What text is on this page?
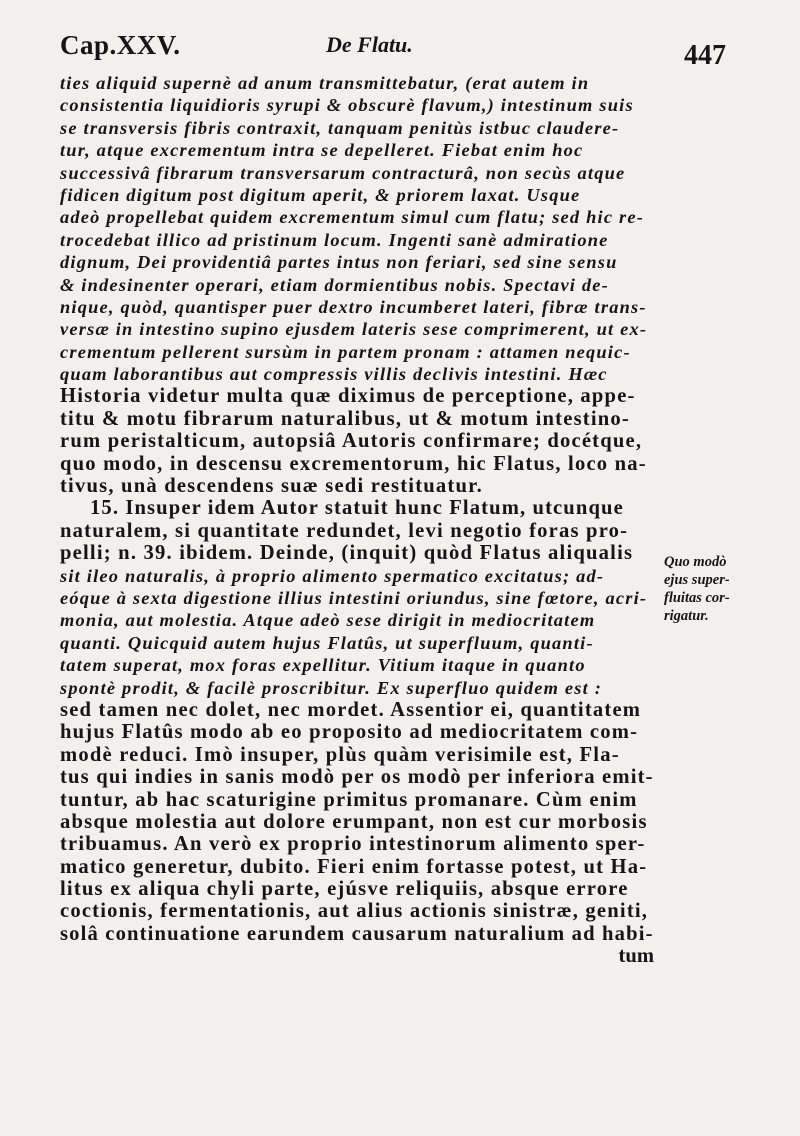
Cap.XXV.	De Flatu.	447
ties aliquid supernè ad anum transmittebatur, (erat autem in
consistentia liquidioris syrupi & obscurè flavum,) intestinum suis
se transversis fibris contraxit, tanquam penitùs istbuc claudere-
tur, atque excrementum intra se depelleret. Fiebat enim hoc
successivâ fibrarum transversarum contracturâ, non secùs atque
fidicen digitum post digitum aperit, & priorem laxat. Usque
adeò propellebat quidem excrementum simul cum flatu; sed hic re-
trocedebat illico ad pristinum locum. Ingenti sanè admiratione
dignum, Dei providentiâ partes intus non feriari, sed sine sensu
& indesinenter operari, etiam dormientibus nobis. Spectavi de-
nique, quòd, quantisper puer dextro incumberet lateri, fibræ trans-
versæ in intestino supino ejusdem lateris sese comprimerent, ut ex-
crementum pellerent sursùm in partem pronam : attamen nequic-
quam laborantibus aut compressis villis declivis intestini. Hæc
Historia videtur multa quæ diximus de perceptione, appe-
titu & motu fibrarum naturalibus, ut & motum intestino-
rum peristalticum, autopsiâ Autoris confirmare; docétque,
quo modo, in descensu excrementorum, hic Flatus, loco na-
tivus, unà descendens suæ sedi restituatur.
15. Insuper idem Autor statuit hunc Flatum, utcunque
naturalem, si quantitate redundet, levi negotio foras pro-
pelli; n. 39. ibidem. Deinde, (inquit) quòd Flatus aliqualis
sit ileo naturalis, à proprio alimento spermatico excitatus; ad-
eóque à sexta digestione illius intestini oriundus, sine fœtore, acri-
monia, aut molestia. Atque adeò sese dirigit in mediocritatem
quanti. Quicquid autem hujus Flatûs, ut superfluum, quanti-
tatem superat, mox foras expellitur. Vitium itaque in quanto
spontè prodit, & facilè proscribitur. Ex superfluo quidem est :
sed tamen nec dolet, nec mordet. Assentior ei, quantitatem
hujus Flatûs modo ab eo proposito ad mediocritatem com-
modè reduci. Imò insuper, plùs quàm verisimile est, Fla-
tus qui indies in sanis modò per os modò per inferiora emit-
tuntur, ab hac scaturigine primitus promanare. Cùm enim
absque molestia aut dolore erumpant, non est cur morbosis
tribuamus. An verò ex proprio intestinorum alimento sper-
matico generetur, dubito. Fieri enim fortasse potest, ut Ha-
litus ex aliqua chyli parte, ejúsve reliquiis, absque errore
coctionis, fermentationis, aut alius actionis sinistræ, geniti,
solâ continuatione earundem causarum naturalium ad habi-
tum
Quo modò
ejus super-
fluitas cor-
rigatur.
